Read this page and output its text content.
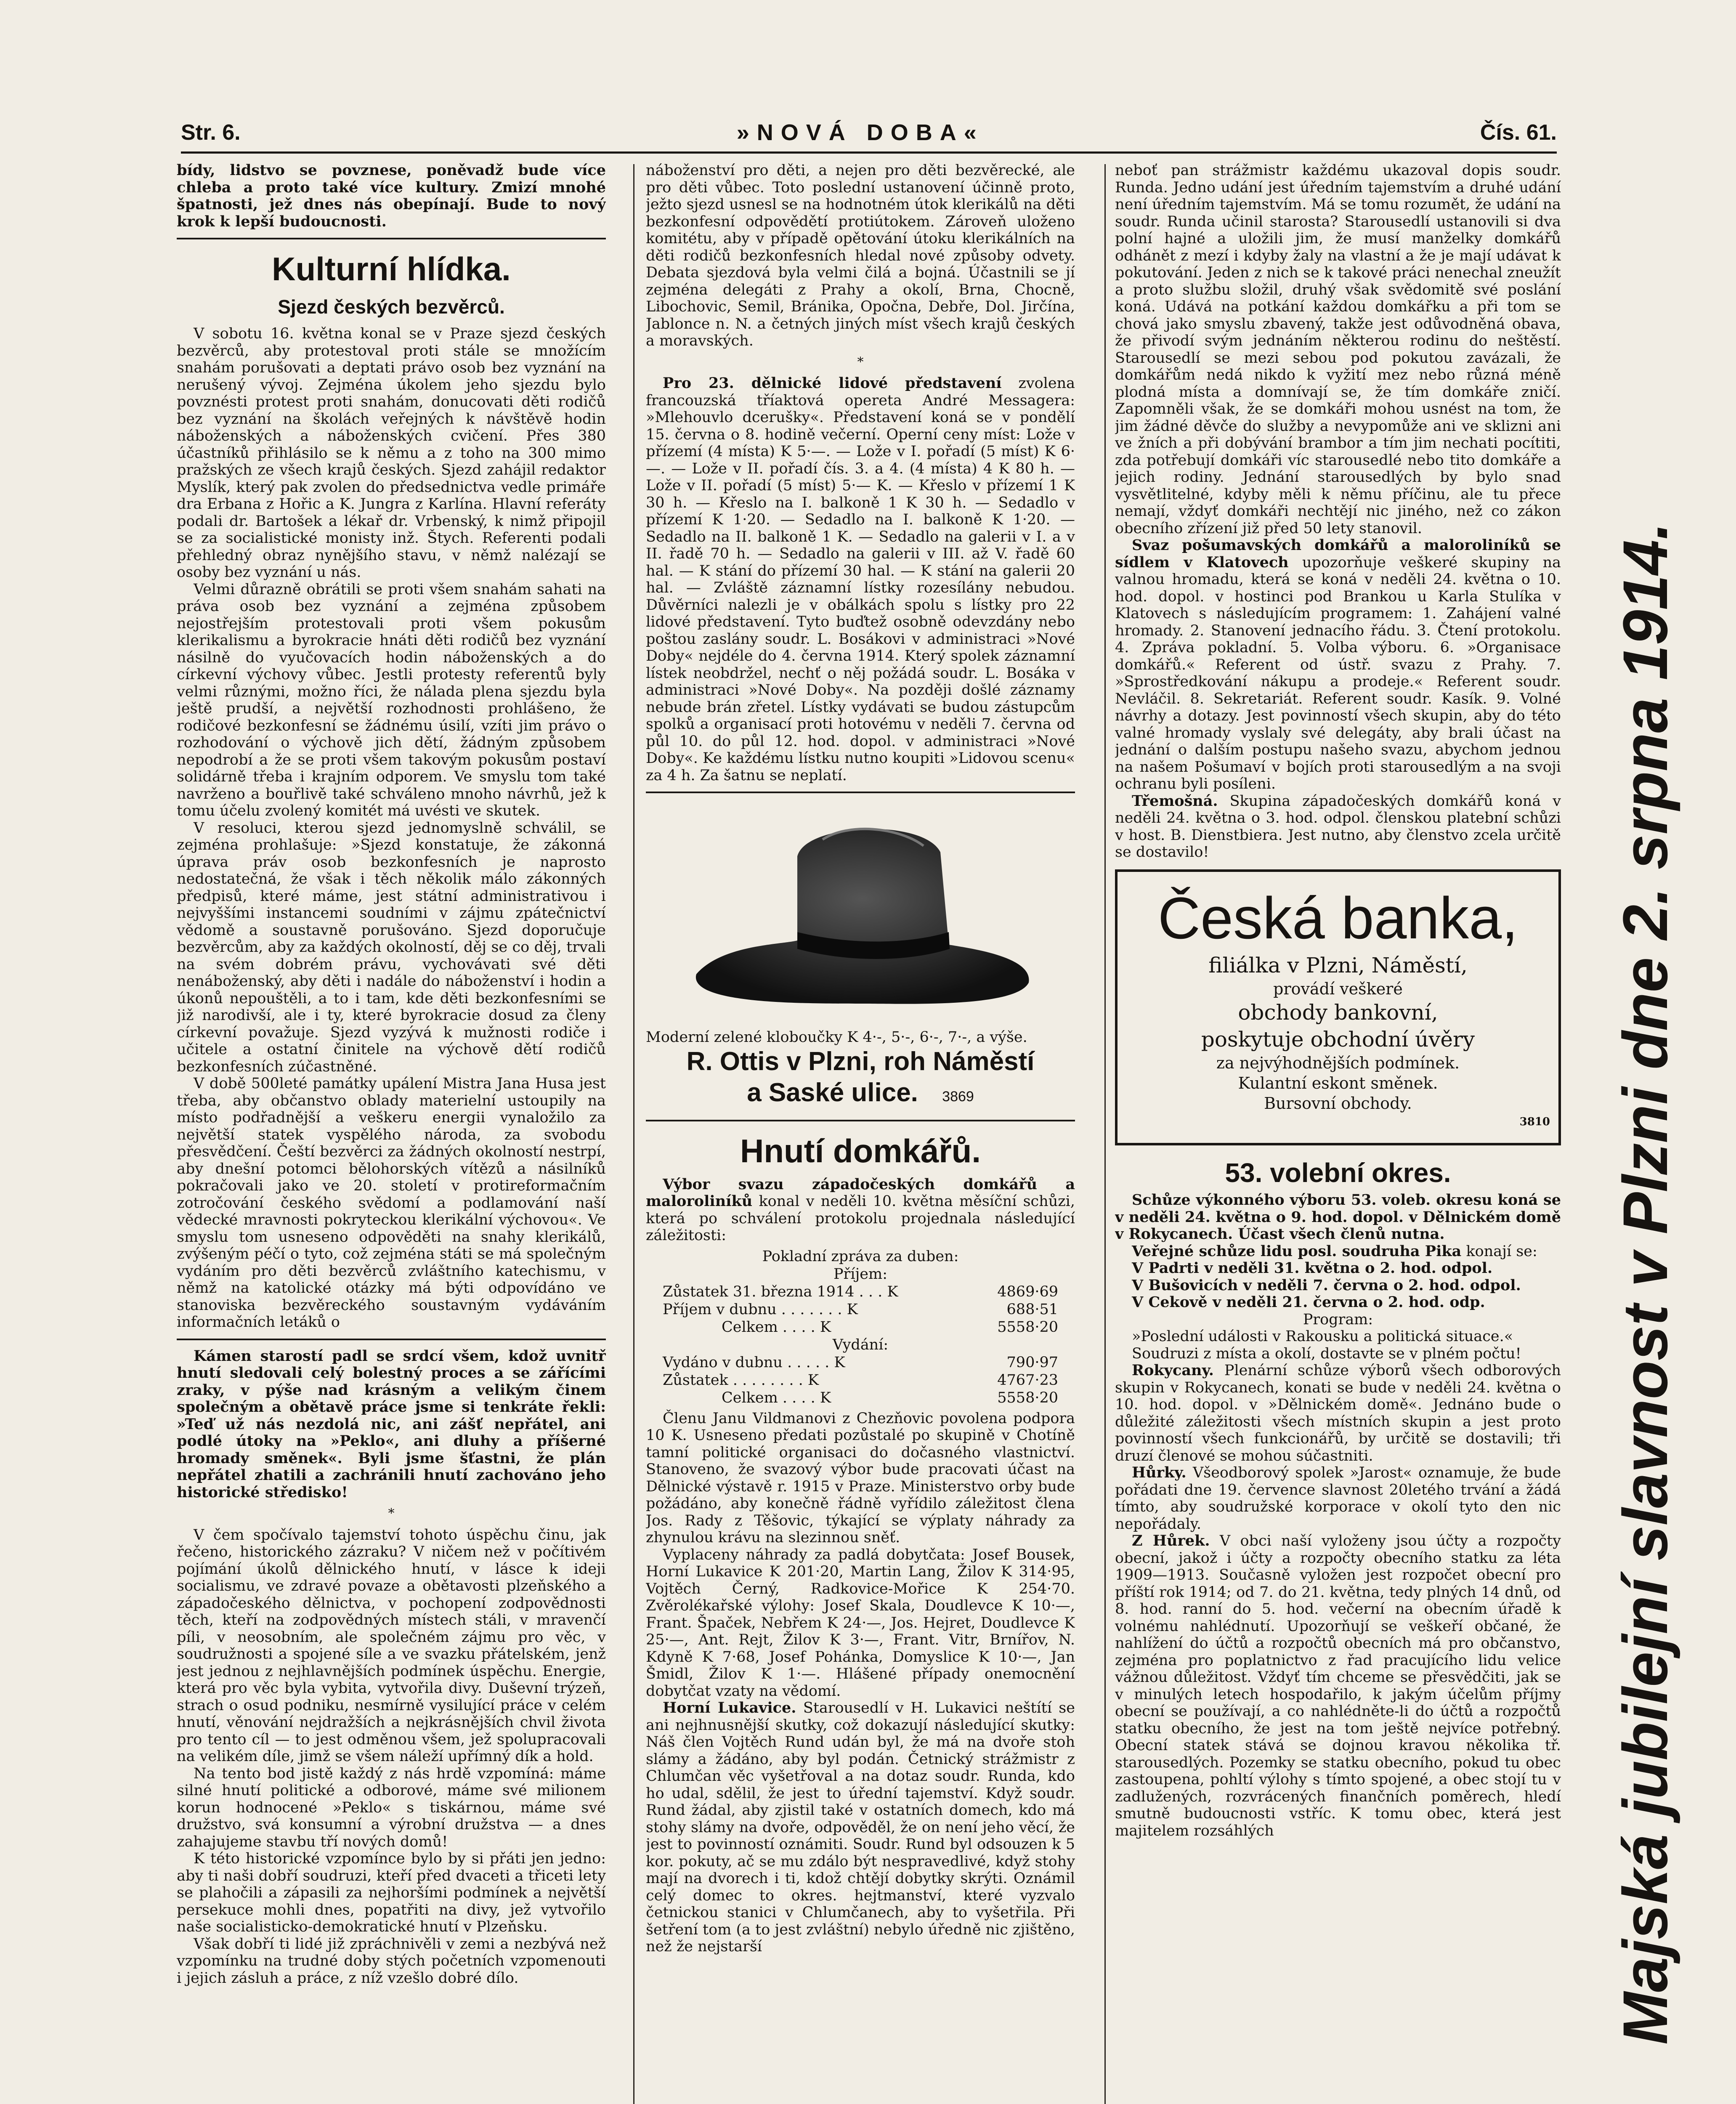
Str. 6.	»NOVÁ DOBA«	Čís. 61.

bídy, lidstvo se povznese, poněvadž bude více chleba a proto také více kultury. Zmizí mnohé špatnosti, jež dnes nás obepínají. Bude to nový krok k lepší budoucnosti.

Kulturní hlídka.
Sjezd českých bezvěrců.

V sobotu 16. května konal se v Praze sjezd českých bezvěrců, aby protestoval proti stále se množícím snahám porušovati a deptati právo osob bez vyznání na nerušený vývoj. Zejména úkolem jeho sjezdu bylo povznésti protest proti snahám, donucovati děti rodičů bez vyznání na školách veřejných k návštěvě hodin náboženských a náboženských cvičení. Přes 380 účastníků přihlásilo se k němu a z toho na 300 mimo pražských ze všech krajů českých. Sjezd zahájil redaktor Myslík, který pak zvolen do předsednictva vedle primáře dra Erbana z Hořic a K. Jungra z Karlína. Hlavní referáty podali dr. Bartošek a lékař dr. Vrbenský, k nimž připojil se za socialistické monisty inž. Štych. Referenti podali přehledný obraz nynějšího stavu, v němž nalézají se osoby bez vyznání u nás.

Velmi důrazně obrátili se proti všem snahám sahati na práva osob bez vyznání a zejména způsobem nejostřejším protestovali proti všem pokusům klerikalismu a byrokracie hnáti děti rodičů bez vyznání násilně do vyučovacích hodin náboženských a do církevní výchovy vůbec. Jestli protesty referentů byly velmi různými, možno říci, že nálada plena sjezdu byla ještě prudší, a největší rozhodnosti prohlášeno, že rodičové bezkonfesní se žádnému úsilí, vzíti jim právo o rozhodování o výchově jich dětí, žádným způsobem nepodrobí a že se proti všem takovým pokusům postaví solidárně třeba i krajním odporem. Ve smyslu tom také navrženo a bouřlivě také schváleno mnoho návrhů, jež k tomu účelu zvolený komitét má uvésti ve skutek.

V resoluci, kterou sjezd jednomyslně schválil, se zejména prohlašuje: »Sjezd konstatuje, že zákonná úprava práv osob bezkonfesních je naprosto nedostatečná, že však i těch několik málo zákonných předpisů, které máme, jest státní administrativou i nejvyššími instancemi soudními v zájmu zpátečnictví vědomě a soustavně porušováno. Sjezd doporučuje bezvěrcům, aby za každých okolností, děj se co děj, trvali na svém dobrém právu, vychovávati své děti nenáboženský, aby děti i nadále do náboženství i hodin a úkonů nepouštěli, a to i tam, kde děti bezkonfesními se již narodivší, ale i ty, které byrokracie dosud za členy církevní považuje. Sjezd vyzývá k mužnosti rodiče i učitele a ostatní činitele na výchově dětí rodičů bezkonfesních zúčastněné.

V době 500leté památky upálení Mistra Jana Husa jest třeba, aby občanstvo oblady materielní ustoupily na místo podřadnější a veškeru energii vynaložilo za největší statek vyspělého národa, za svobodu přesvědčení. Čeští bezvěrci za žádných okolností nestrpí, aby dnešní potomci bělohorských vítězů a násilníků pokračovali jako ve 20. století v protireformačním zotročování českého svědomí a podlamování naší vědecké mravnosti pokryteckou klerikální výchovou«. Ve smyslu tom usneseno odpověděti na snahy klerikálů, zvýšeným péčí o tyto, což zejména státi se má společným vydáním pro děti bezvěrců zvláštního katechismu, v němž na katolické otázky má býti odpovídáno ve stanoviska bezvěreckého soustavným vydáváním informačních letáků o

Kámen starostí padl se srdcí všem, kdož uvnitř hnutí sledovali celý bolestný proces a se zářícími zraky, v pýše nad krásným a velikým činem společným a obětavě práce jsme si tenkráte řekli: »Teď už nás nezdolá nic, ani zášť nepřátel, ani podlé útoky na »Peklo«, ani dluhy a příšerné hromady směnek«. Byli jsme šťastni, že plán nepřátel zhatili a zachránili hnutí zachováno jeho historické středisko!

*

V čem spočívalo tajemství tohoto úspěchu činu, jak řečeno, historického zázraku? V ničem než v počítivém pojímání úkolů dělnického hnutí, v lásce k ideji socialismu, ve zdravé povaze a obětavosti plzeňského a západočeského dělnictva, v pochopení zodpovědnosti těch, kteří na zodpovědných místech stáli, v mravenčí píli, v neosobním, ale společném zájmu pro věc, v soudružnosti a spojené síle a ve svazku přátelském, jenž jest jednou z nejhlavnějších podmínek úspěchu. Energie, která pro věc byla vybita, vytvořila divy. Duševní trýzeň, strach o osud podniku, nesmírně vysilující práce v celém hnutí, věnování nejdražších a nejkrásnějších chvil života pro tento cíl — to jest odměnou všem, jež spolupracovali na velikém díle, jimž se všem náleží upřímný dík a hold.

Na tento bod jistě každý z nás hrdě vzpomíná: máme silné hnutí politické a odborové, máme své milionem korun hodnocené »Peklo« s tiskárnou, máme své družstvo, svá konsumní a výrobní družstva — a dnes zahajujeme stavbu tří nových domů!

K této historické vzpomínce bylo by si přáti jen jedno: aby ti naši dobří soudruzi, kteří před dvaceti a třiceti lety se plahočili a zápasili za nejhoršími podmínek a největší persekuce mohli dnes, popatřiti na divy, jež vytvořilo naše socialisticko-demokratické hnutí v Plzeňsku.

Však dobří ti lidé již zpráchnivěli v zemi a nezbývá než vzpomínku na trudné doby stých početních vzpomenouti i jejich zásluh a práce, z níž vzešlo dobré dílo.

náboženství pro děti, a nejen pro děti bezvěrecké, ale pro děti vůbec. Toto poslední ustanovení účinně proto, ježto sjezd usnesl se na hodnotném útok klerikálů na děti bezkonfesní odpovědětí protiútokem. Zároveň uloženo komitétu, aby v případě opětování útoku klerikálních na děti rodičů bezkonfesních hledal nové způsoby odvety. Debata sjezdová byla velmi čilá a bojná. Účastnili se jí zejména delegáti z Prahy a okolí, Brna, Chocně, Libochovic, Semil, Bránika, Opočna, Debře, Dol. Jirčína, Jablonce n. N. a četných jiných míst všech krajů českých a moravských.

*

Pro 23. dělnické lidové představení zvolena francouzská tříaktová opereta André Messagera: »Mlehouvlo dcerušky«. Představení koná se v pondělí 15. června o 8. hodině večerní. Operní ceny míst: Lože v přízemí (4 místa) K 5·—. — Lože v I. pořadí (5 míst) K 6·—. — Lože v II. pořadí čís. 3. a 4. (4 místa) 4 K 80 h. — Lože v II. pořadí (5 míst) 5·— K. — Křeslo v přízemí 1 K 30 h. — Křeslo na I. balkoně 1 K 30 h. — Sedadlo v přízemí K 1·20. — Sedadlo na I. balkoně K 1·20. — Sedadlo na II. balkoně 1 K. — Sedadlo na galerii v I. a v II. řadě 70 h. — Sedadlo na galerii v III. až V. řadě 60 hal. — K stání do přízemí 30 hal. — K stání na galerii 20 hal. — Zvláště záznamní lístky rozesílány nebudou. Důvěrníci nalezli je v obálkách spolu s lístky pro 22 lidové představení. Tyto buďtež osobně odevzdány nebo poštou zaslány soudr. L. Bosákovi v administraci »Nové Doby« nejdéle do 4. června 1914. Který spolek záznamní lístek neobdržel, nechť o něj požádá soudr. L. Bosáka v administraci »Nové Doby«. Na později došlé záznamy nebude brán zřetel. Lístky vydávati se budou zástupcům spolků a organisací proti hotovému v neděli 7. června od půl 10. do půl 12. hod. dopol. v administraci »Nové Doby«. Ke každému lístku nutno koupiti »Lidovou scenu« za 4 h. Za šatnu se neplatí.

Moderní zelené kloboučky K 4·-, 5·-, 6·-, 7·-, a výše.

R. Ottis v Plzni, roh Náměstí
a Saské ulice. 3869
Hnutí domkářů.

Výbor svazu západočeských domkářů a maloroliníků konal v neděli 10. května měsíční schůzi, která po schválení protokolu projednala následující záležitosti:

Pokladní zpráva za duben:
Příjem:
Zůstatek 31. března 1914 . . . K	4869·69
Příjem v dubnu . . . . . . . K	688·51
Celkem . . . . K	5558·20
Vydání:
Vydáno v dubnu . . . . . K	790·97
Zůstatek . . . . . . . . K	4767·23
Celkem . . . . K	5558·20

Členu Janu Vildmanovi z Chezňovic povolena podpora 10 K. Usneseno předati pozůstalé po skupině v Chotíně tamní politické organisaci do dočasného vlastnictví. Stanoveno, že svazový výbor bude pracovati účast na Dělnické výstavě r. 1915 v Praze. Ministerstvo orby bude požádáno, aby konečně řádně vyřídilo záležitost člena Jos. Rady z Těšovic, týkající se výplaty náhrady za zhynulou krávu na slezinnou sněť.

Vyplaceny náhrady za padlá dobytčata: Josef Bousek, Horní Lukavice K 201·20, Martin Lang, Žilov K 314·95, Vojtěch Černý, Radkovice-Mořice K 254·70. Zvěrolékařské výlohy: Josef Skala, Doudlevce K 10·—, Frant. Špaček, Nebřem K 24·—, Jos. Hejret, Doudlevce K 25·—, Ant. Rejt, Žilov K 3·—, Frant. Vitr, Brnířov, N. Kdyně K 7·68, Josef Pohánka, Domyslice K 10·—, Jan Šmidl, Žilov K 1·—. Hlášené případy onemocnění dobytčat vzaty na vědomí.

Horní Lukavice. Starousedlí v H. Lukavici neštítí se ani nejhnusnější skutky, což dokazují následující skutky: Náš člen Vojtěch Rund udán byl, že má na dvoře stoh slámy a žádáno, aby byl podán. Četnický strážmistr z Chlumčan věc vyšetřoval a na dotaz soudr. Runda, kdo ho udal, sdělil, že jest to úřední tajemství. Když soudr. Rund žádal, aby zjistil také v ostatních domech, kdo má stohy slámy na dvoře, odpověděl, že on není jeho věcí, že jest to povinností oznámiti. Soudr. Rund byl odsouzen k 5 kor. pokuty, ač se mu zdálo být nespravedlivé, když stohy mají na dvorech i ti, kdož chtějí dobytky skrýti. Oznámil celý domec to okres. hejtmanství, které vyzvalo četnickou stanici v Chlumčanech, aby to vyšetřila. Při šetření tom (a to jest zvláštní) nebylo úředně nic zjištěno, než že nejstarší

neboť pan strážmistr každému ukazoval dopis soudr. Runda. Jedno udání jest úředním tajemstvím a druhé udání není úředním tajemstvím. Má se tomu rozumět, že udání na soudr. Runda učinil starosta? Starousedlí ustanovili si dva polní hajné a uložili jim, že musí manželky domkářů odhánět z mezí i kdyby žaly na vlastní a že je mají udávat k pokutování. Jeden z nich se k takové práci nenechal zneužít a proto službu složil, druhý však svědomitě své poslání koná. Udává na potkání každou domkářku a při tom se chová jako smyslu zbavený, takže jest odůvodněná obava, že přivodí svým jednáním některou rodinu do neštěstí. Starousedlí se mezi sebou pod pokutou zavázali, že domkářům nedá nikdo k vyžití mez nebo různá méně plodná místa a domnívají se, že tím domkáře zničí. Zapomněli však, že se domkáři mohou usnést na tom, že jim žádné děvče do služby a nevypomůže ani ve sklizni ani ve žních a při dobývání brambor a tím jim nechati pocítiti, zda potřebují domkáři víc starousedlé nebo tito domkáře a jejich rodiny. Jednání starousedlých by bylo snad vysvětlitelné, kdyby měli k němu příčinu, ale tu přece nemají, vždyť domkáři nechtějí nic jiného, než co zákon obecního zřízení již před 50 lety stanovil.

Svaz pošumavských domkářů a maloroliníků se sídlem v Klatovech upozorňuje veškeré skupiny na valnou hromadu, která se koná v neděli 24. května o 10. hod. dopol. v hostinci pod Brankou u Karla Stulíka v Klatovech s následujícím programem: 1. Zahájení valné hromady. 2. Stanovení jednacího řádu. 3. Čtení protokolu. 4. Zpráva pokladní. 5. Volba výboru. 6. »Organisace domkářů.« Referent od ústř. svazu z Prahy. 7. »Sprostředkování nákupu a prodeje.« Referent soudr. Nevláčil. 8. Sekretariát. Referent soudr. Kasík. 9. Volné návrhy a dotazy. Jest povinností všech skupin, aby do této valné hromady vyslaly své delegáty, aby brali účast na jednání o dalším postupu našeho svazu, abychom jednou na našem Pošumaví v bojích proti starousedlým a na svoji ochranu byli posíleni.

Třemošná. Skupina západočeských domkářů koná v neděli 24. května o 3. hod. odpol. členskou platební schůzi v host. B. Dienstbiera. Jest nutno, aby členstvo zcela určitě se dostavilo!

Česká banka,
filiálka v Plzni, Náměstí,
provádí veškeré
obchody bankovní,
poskytuje obchodní úvěry
za nejvýhodnějších podmínek.
Kulantní eskont směnek.
Bursovní obchody.
3810
53. volební okres.

Schůze výkonného výboru 53. voleb. okresu koná se v neděli 24. května o 9. hod. dopol. v Dělnickém domě v Rokycanech. Účast všech členů nutna.

Veřejné schůze lidu posl. soudruha Pika konají se:

V Padrti v neděli 31. května o 2. hod. odpol.

V Bušovicích v neděli 7. června o 2. hod. odpol.

V Cekově v neděli 21. června o 2. hod. odp.

Program:

»Poslední události v Rakousku a politická situace.«

Soudruzi z místa a okolí, dostavte se v plném počtu!

Rokycany. Plenární schůze výborů všech odborových skupin v Rokycanech, konati se bude v neděli 24. května o 10. hod. dopol. v »Dělnickém domě«. Jednáno bude o důležité záležitosti všech místních skupin a jest proto povinností všech funkcionářů, by určitě se dostavili; tři druzí členové se mohou súčastniti.

Hůrky. Všeodborový spolek »Jarost« oznamuje, že bude pořádati dne 19. července slavnost 20letého trvání a žádá tímto, aby soudružské korporace v okolí tyto den nic nepořádaly.

Z Hůrek. V obci naší vyloženy jsou účty a rozpočty obecní, jakož i účty a rozpočty obecního statku za léta 1909—1913. Současně vyložen jest rozpočet obecní pro příští rok 1914; od 7. do 21. května, tedy plných 14 dnů, od 8. hod. ranní do 5. hod. večerní na obecním úřadě k volnému nahlédnutí. Upozorňují se veškeří občané, že nahlížení do účtů a rozpočtů obecních má pro občanstvo, zejména pro poplatnictvo z řad pracujícího lidu velice vážnou důležitost. Vždyť tím chceme se přesvědčiti, jak se v minulých letech hospodařilo, k jakým účelům příjmy obecní se používají, a co nahlédněte-li do účtů a rozpočtů statku obecního, že jest na tom ještě nejvíce potřebný. Obecní statek stává se dojnou kravou několika tř. starousedlých. Pozemky se statku obecního, pokud tu obec zastoupena, pohltí výlohy s tímto spojené, a obec stojí tu v zadlužených, rozvrácených finančních poměrech, hledí smutně budoucnosti vstříc. K tomu obec, která jest majitelem rozsáhlých	Majská jubilejní slavnost v Plzni dne 2. srpna 1914.
